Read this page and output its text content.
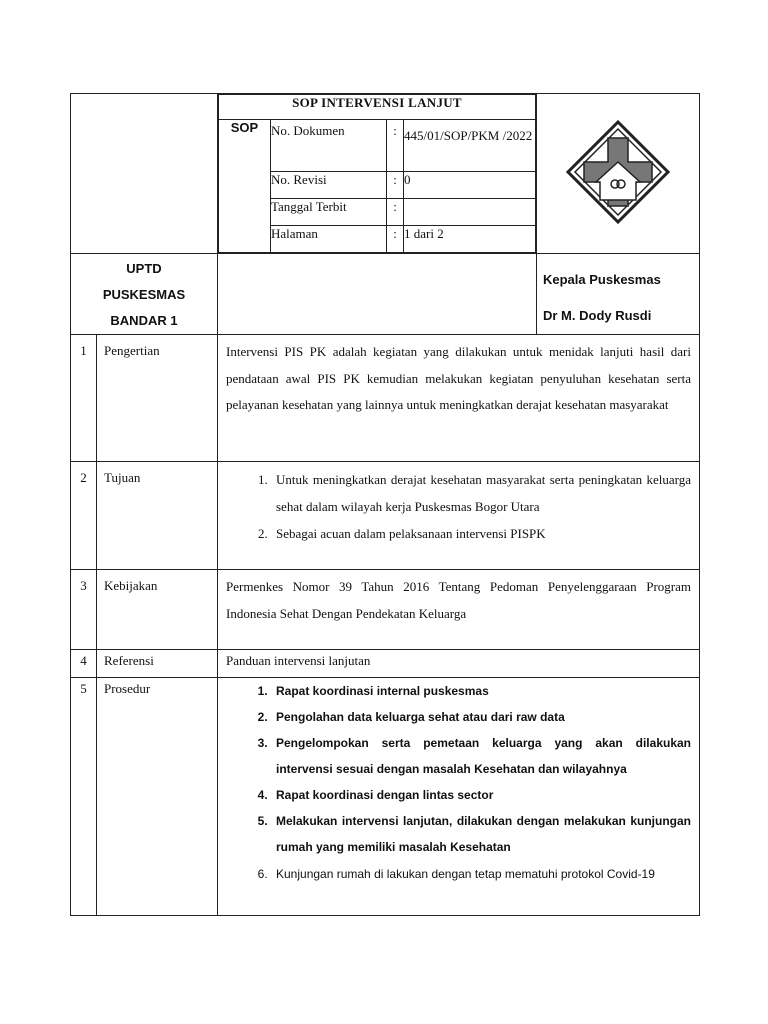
SOP INTERVENSI LANJUT
SOP	No. Dokumen	:	445/01/SOP/PKM /2022
No. Revisi	:	0
Tanggal Terbit	:	
Halaman	:	1 dari 2

UPTD
PUSKESMAS
BANDAR 1

Kepala Puskesmas
Dr M. Dody Rusdi

1	Pengertian	Intervensi PIS PK adalah kegiatan yang dilakukan untuk menidak lanjuti hasil dari pendataan awal PIS PK kemudian melakukan kegiatan penyuluhan kesehatan serta pelayanan kesehatan yang lainnya untuk meningkatkan derajat kesehatan masyarakat

2	Tujuan	
1.Untuk meningkatkan derajat kesehatan masyarakat serta peningkatan keluarga sehat dalam wilayah kerja Puskesmas Bogor Utara
2. Sebagai acuan dalam pelaksanaan intervensi PISPK

3	Kebijakan	Permenkes Nomor 39 Tahun 2016 Tentang Pedoman Penyelenggaraan Program Indonesia Sehat Dengan Pendekatan Keluarga

4	Referensi	Panduan intervensi lanjutan
5	Prosedur	
1.Rapat koordinasi internal puskesmas
2. Pengolahan data keluarga sehat atau dari raw data
3. Pengelompokan serta pemetaan keluarga yang akan dilakukan intervensi sesuai dengan masalah Kesehatan dan wilayahnya
4. Rapat koordinasi dengan lintas sector
5. Melakukan intervensi lanjutan, dilakukan dengan melakukan kunjungan rumah yang memiliki masalah Kesehatan
6. Kunjungan rumah di lakukan dengan tetap mematuhi protokol Covid-19
